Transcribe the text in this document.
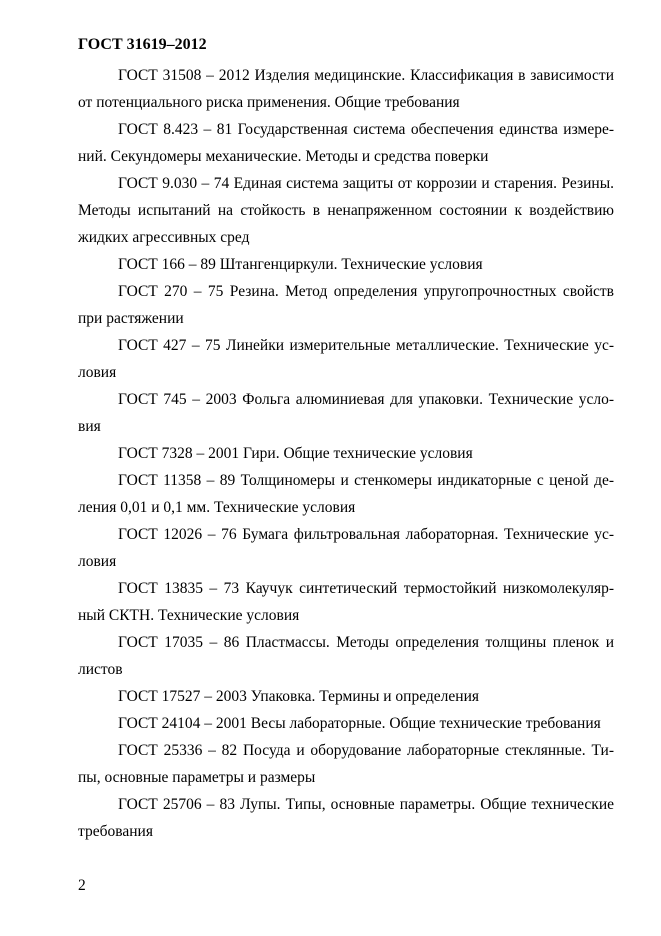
ГОСТ 31619–2012
ГОСТ 31508 – 2012 Изделия медицинские. Классификация в зависимости
от потенциального риска применения. Общие требования
ГОСТ 8.423 – 81 Государственная система обеспечения единства измере-
ний. Секундомеры механические. Методы и средства поверки
ГОСТ 9.030 – 74 Единая система защиты от коррозии и старения. Резины.
Методы испытаний на стойкость в ненапряженном состоянии к воздействию
жидких агрессивных сред
ГОСТ 166 – 89 Штангенциркули. Технические условия
ГОСТ 270 – 75 Резина. Метод определения упругопрочностных свойств
при растяжении
ГОСТ 427 – 75 Линейки измерительные металлические. Технические ус-
ловия
ГОСТ 745 – 2003 Фольга алюминиевая для упаковки. Технические усло-
вия
ГОСТ 7328 – 2001 Гири. Общие технические условия
ГОСТ 11358 – 89 Толщиномеры и стенкомеры индикаторные с ценой де-
ления 0,01 и 0,1 мм. Технические условия
ГОСТ 12026 – 76 Бумага фильтровальная лабораторная. Технические ус-
ловия
ГОСТ 13835 – 73 Каучук синтетический термостойкий низкомолекуляр-
ный СКТН. Технические условия
ГОСТ 17035 – 86 Пластмассы. Методы определения толщины пленок и
листов
ГОСТ 17527 – 2003 Упаковка. Термины и определения
ГОСТ 24104 – 2001 Весы лабораторные. Общие технические требования
ГОСТ 25336 – 82 Посуда и оборудование лабораторные стеклянные. Ти-
пы, основные параметры и размеры
ГОСТ 25706 – 83 Лупы. Типы, основные параметры. Общие технические
требования

2
